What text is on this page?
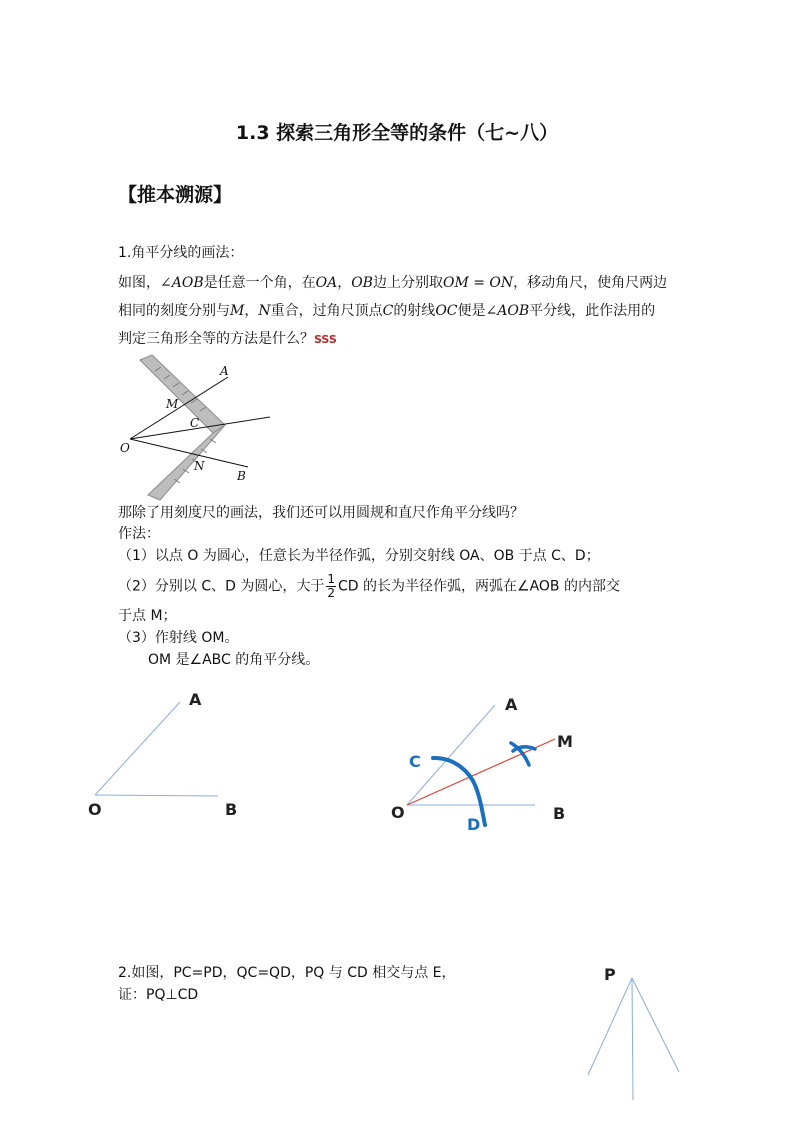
1.3 探索三角形全等的条件（七~八）
【推本溯源】
1.角平分线的画法：
如图，∠AOB是任意一个角，在OA，OB边上分别取OM = ON，移动角尺，使角尺两边
相同的刻度分别与M，N重合，过角尺顶点C的射线OC便是∠AOB平分线，此作法用的
判定三角形全等的方法是什么？SSS
A
M
C
O
N
B
那除了用刻度尺的画法，我们还可以用圆规和直尺作角平分线吗？
作法：
（1）以点 O 为圆心，任意长为半径作弧，分别交射线 OA、OB 于点 C、D；
（2）分别以 C、D 为圆心，大于 $\frac{1}{2}$ CD 的长为半径作弧，两弧在∠AOB 的内部交
于点 M；
（3）作射线 OM。
OM 是∠ABC 的角平分线。
A
O	B
A
M
O	B
C
D
2.如图，PC=PD，QC=QD，PQ 与 CD 相交与点 E，
证：PQ⊥CD
P
